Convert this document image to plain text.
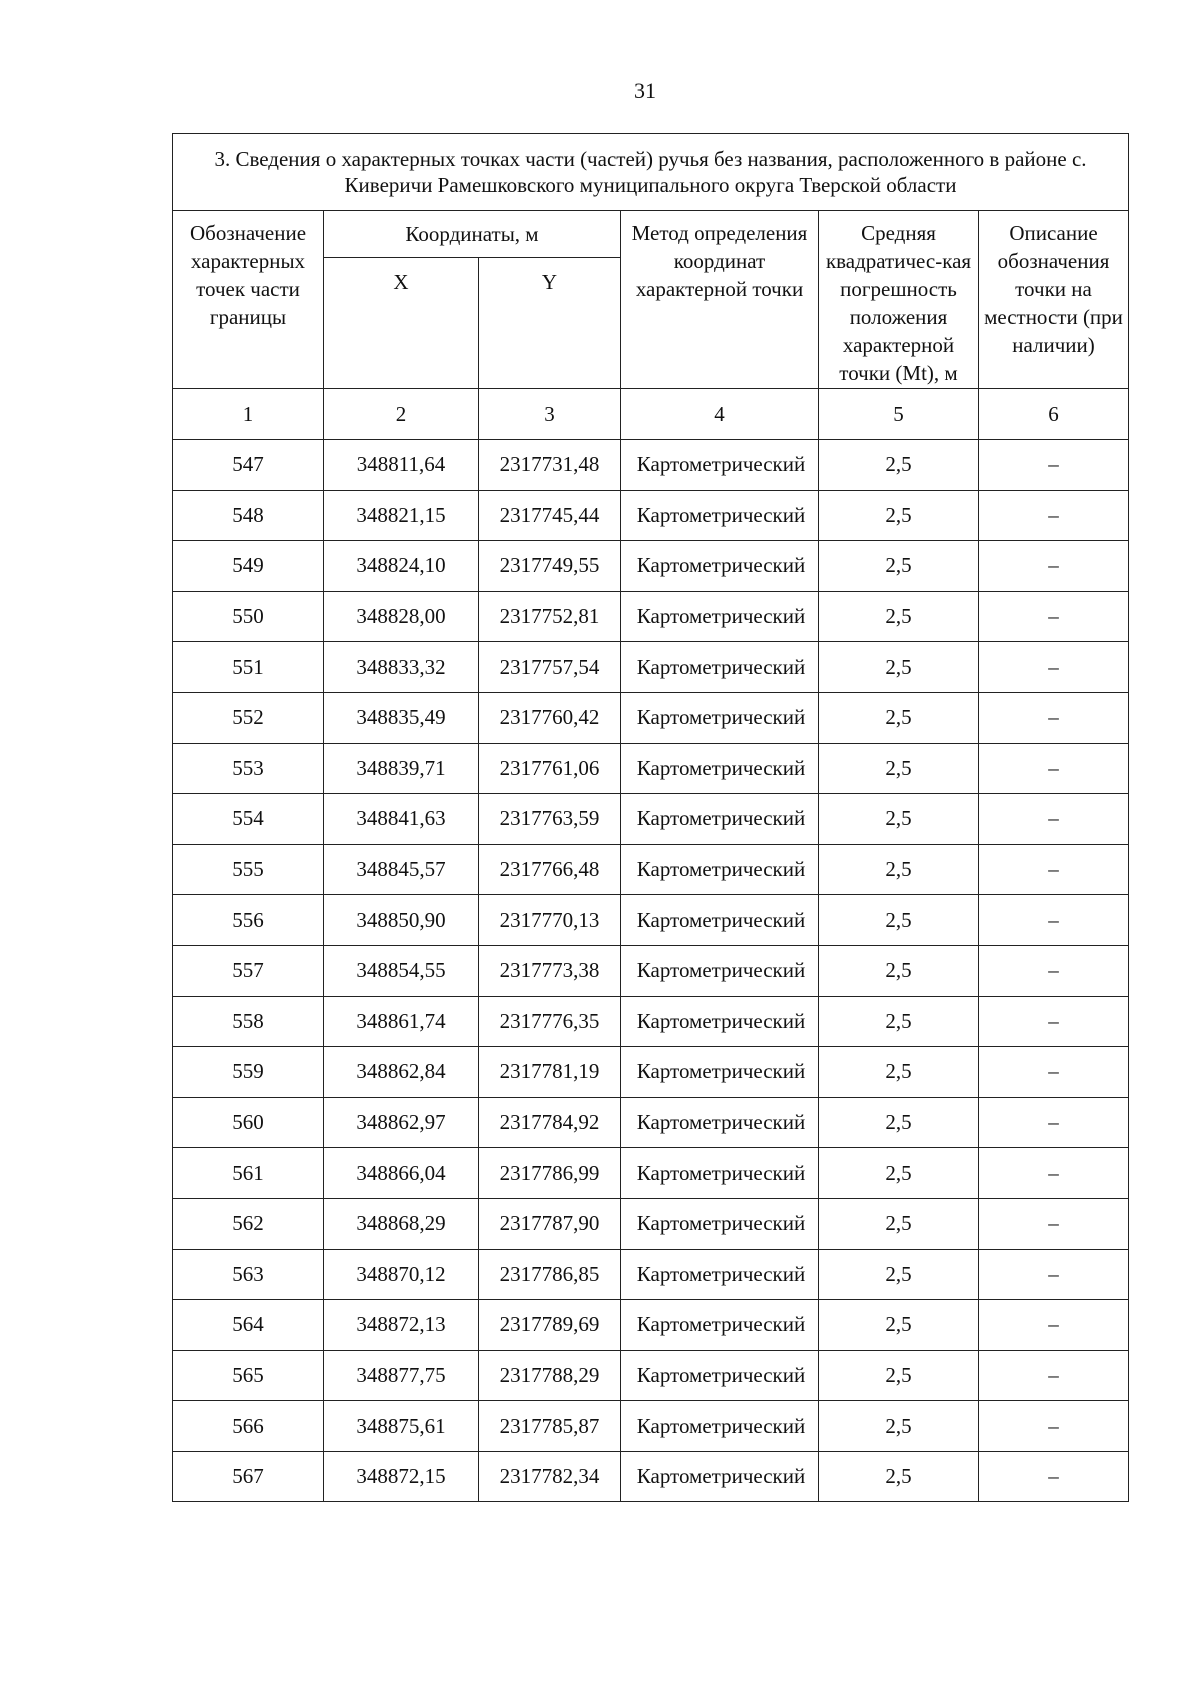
31
3. Сведения о характерных точках части (частей) ручья без названия, расположенного в районе с. Киверичи Рамешковского муниципального округа Тверской области					
Обозначение характерных точек части границы	Координаты, м		Метод определения координат характерной точки	Средняя квадратичес-кая погрешность положения характерной точки (Mt), м	Описание обозначения точки на местности (при наличии)
	X	Y			
1	2	3	4	5	6
547	348811,64	2317731,48	Картометрический	2,5	–
548	348821,15	2317745,44	Картометрический	2,5	–
549	348824,10	2317749,55	Картометрический	2,5	–
550	348828,00	2317752,81	Картометрический	2,5	–
551	348833,32	2317757,54	Картометрический	2,5	–
552	348835,49	2317760,42	Картометрический	2,5	–
553	348839,71	2317761,06	Картометрический	2,5	–
554	348841,63	2317763,59	Картометрический	2,5	–
555	348845,57	2317766,48	Картометрический	2,5	–
556	348850,90	2317770,13	Картометрический	2,5	–
557	348854,55	2317773,38	Картометрический	2,5	–
558	348861,74	2317776,35	Картометрический	2,5	–
559	348862,84	2317781,19	Картометрический	2,5	–
560	348862,97	2317784,92	Картометрический	2,5	–
561	348866,04	2317786,99	Картометрический	2,5	–
562	348868,29	2317787,90	Картометрический	2,5	–
563	348870,12	2317786,85	Картометрический	2,5	–
564	348872,13	2317789,69	Картометрический	2,5	–
565	348877,75	2317788,29	Картометрический	2,5	–
566	348875,61	2317785,87	Картометрический	2,5	–
567	348872,15	2317782,34	Картометрический	2,5	–
